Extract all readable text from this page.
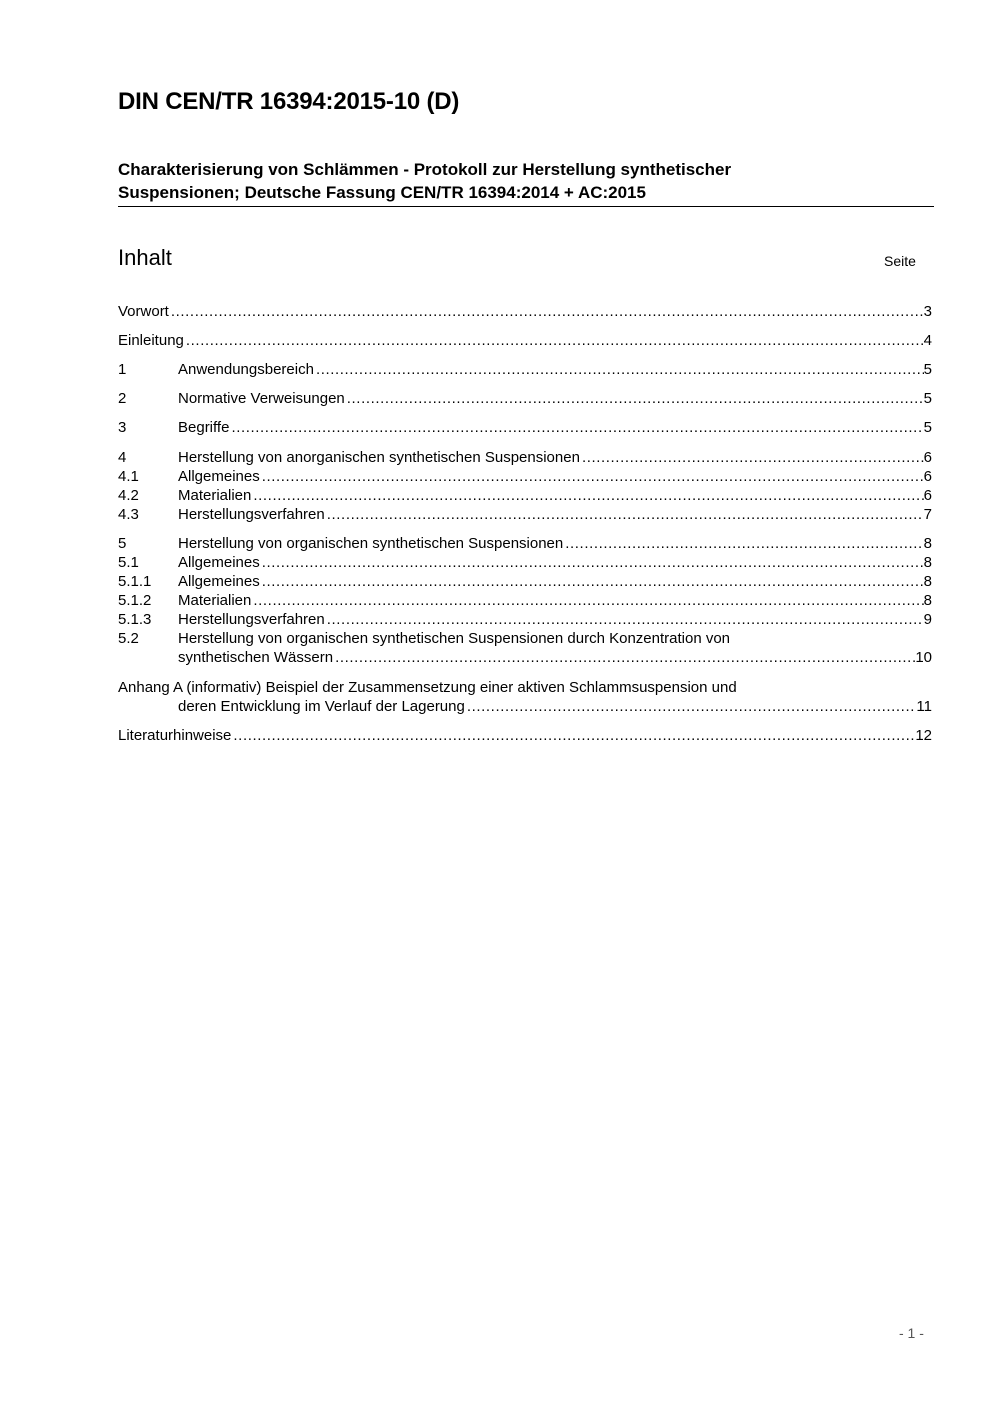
DIN CEN/TR 16394:2015-10 (D)
Charakterisierung von Schlämmen - Protokoll zur Herstellung synthetischer
Suspensionen; Deutsche Fassung CEN/TR 16394:2014 + AC:2015
Inhalt	Seite
Vorwort .....	3
Einleitung .....	4
1	Anwendungsbereich .....	5
2	Normative Verweisungen .....	5
3	Begriffe .....	5
4	Herstellung von anorganischen synthetischen Suspensionen .....	6
4.1	Allgemeines .....	6
4.2	Materialien .....	6
4.3	Herstellungsverfahren .....	7
5	Herstellung von organischen synthetischen Suspensionen .....	8
5.1	Allgemeines .....	8
5.1.1	Allgemeines .....	8
5.1.2	Materialien .....	8
5.1.3	Herstellungsverfahren .....	9
5.2	Herstellung von organischen synthetischen Suspensionen durch Konzentration von
synthetischen Wässern .....	10
Anhang A (informativ) Beispiel der Zusammensetzung einer aktiven Schlammsuspension und
deren Entwicklung im Verlauf der Lagerung .....	11
Literaturhinweise .....	12
- 1 -
